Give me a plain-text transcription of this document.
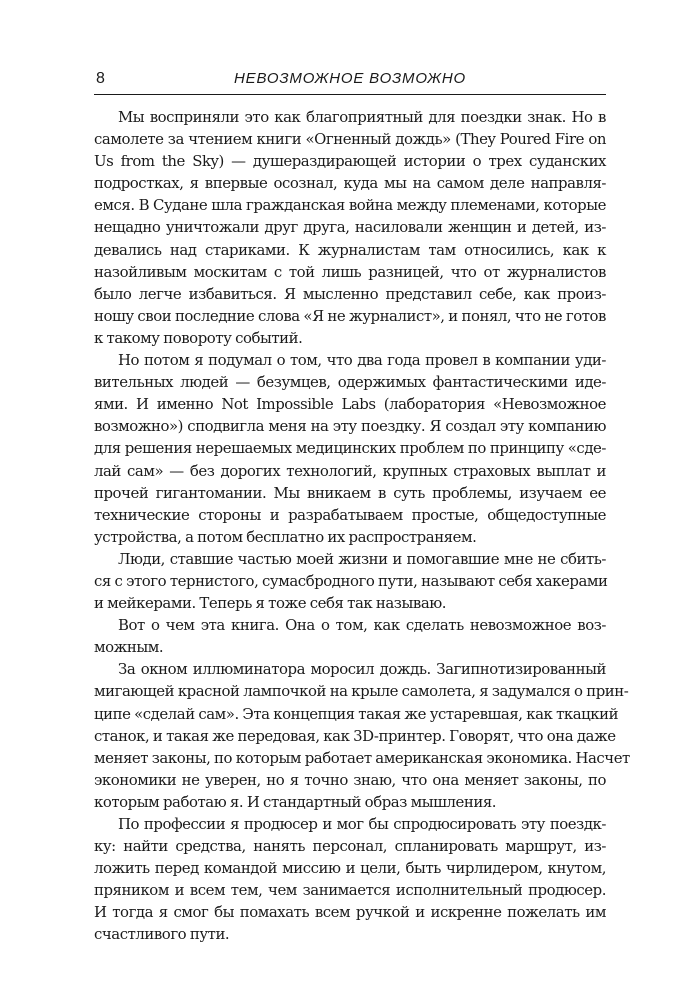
8	НЕВОЗМОЖНОЕ ВОЗМОЖНО
Мы восприняли это как благоприятный для поездки знак. Но в
самолете за чтением книги «Огненный дождь» (They Poured Fire on
Us from the Sky) — душераздирающей истории о трех суданских
подростках, я впервые осознал, куда мы на самом деле направля-
емся. В Судане шла гражданская война между племенами, которые
нещадно уничтожали друг друга, насиловали женщин и детей, из-
девались над стариками. К журналистам там относились, как к
назойливым москитам с той лишь разницей, что от журналистов
было легче избавиться. Я мысленно представил себе, как произ-
ношу свои последние слова «Я не журналист», и понял, что не готов
к такому повороту событий.
Но потом я подумал о том, что два года провел в компании уди-
вительных людей — безумцев, одержимых фантастическими иде-
ями. И именно Not Impossible Labs (лаборатория «Невозможное
возможно») сподвигла меня на эту поездку. Я создал эту компанию
для решения нерешаемых медицинских проблем по принципу «сде-
лай сам» — без дорогих технологий, крупных страховых выплат и
прочей гигантомании. Мы вникаем в суть проблемы, изучаем ее
технические стороны и разрабатываем простые, общедоступные
устройства, а потом бесплатно их распространяем.
Люди, ставшие частью моей жизни и помогавшие мне не сбить-
ся с этого тернистого, сумасбродного пути, называют себя хакерами
и мейкерами. Теперь я тоже себя так называю.
Вот о чем эта книга. Она о том, как сделать невозможное воз-
можным.
За окном иллюминатора моросил дождь. Загипнотизированный
мигающей красной лампочкой на крыле самолета, я задумался о прин-
ципе «сделай сам». Эта концепция такая же устаревшая, как ткацкий
станок, и такая же передовая, как 3D-принтер. Говорят, что она даже
меняет законы, по которым работает американская экономика. Насчет
экономики не уверен, но я точно знаю, что она меняет законы, по
которым работаю я. И стандартный образ мышления.
По профессии я продюсер и мог бы спродюсировать эту поездк-
ку: найти средства, нанять персонал, спланировать маршрут, из-
ложить перед командой миссию и цели, быть чирлидером, кнутом,
пряником и всем тем, чем занимается исполнительный продюсер.
И тогда я смог бы помахать всем ручкой и искренне пожелать им
счастливого пути.
